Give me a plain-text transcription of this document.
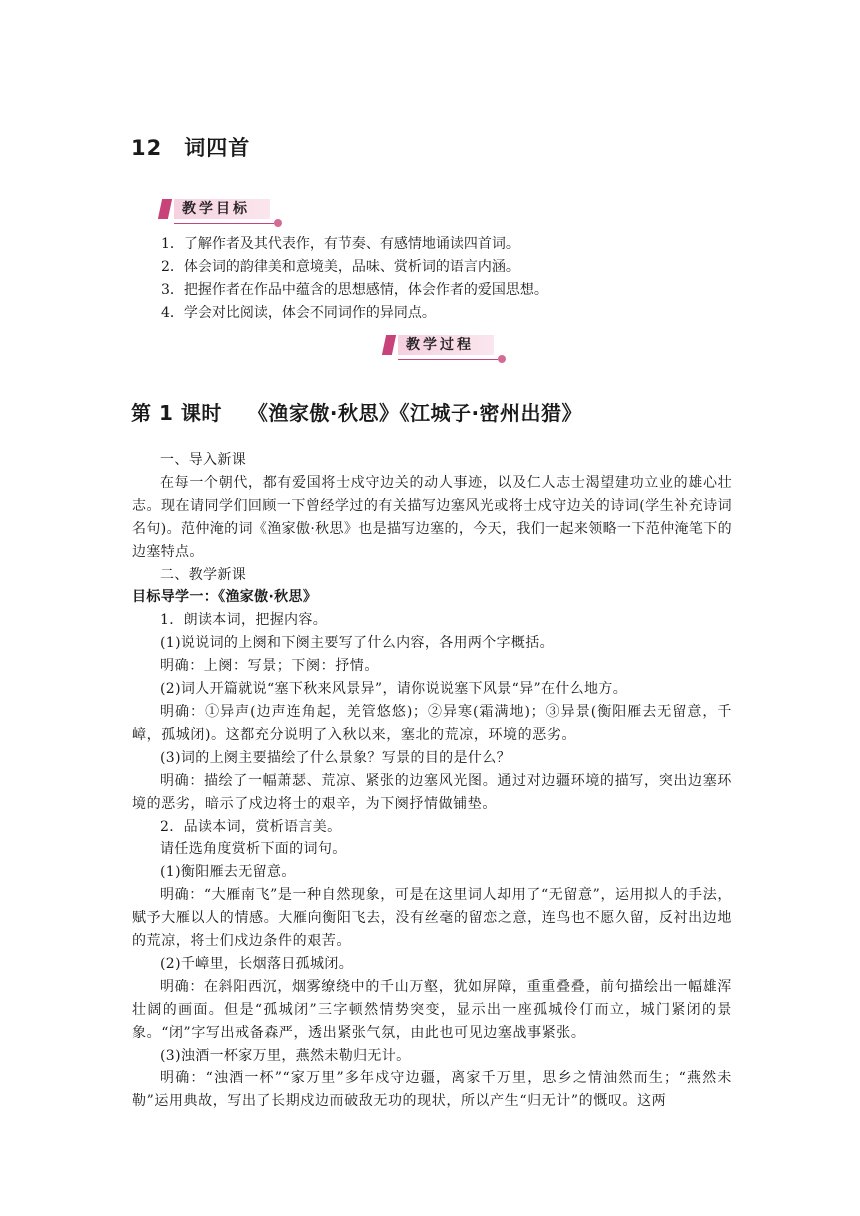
12 词四首
教学目标
1．了解作者及其代表作，有节奏、有感情地诵读四首词。
2．体会词的韵律美和意境美，品味、赏析词的语言内涵。
3．把握作者在作品中蕴含的思想感情，体会作者的爱国思想。
4．学会对比阅读，体会不同词作的异同点。
教学过程
第 1 课时 《渔家傲·秋思》《江城子·密州出猎》

一、导入新课

在每一个朝代，都有爱国将士戍守边关的动人事迹，以及仁人志士渴望建功立业的雄心壮志。现在请同学们回顾一下曾经学过的有关描写边塞风光或将士戍守边关的诗词(学生补充诗词名句)。范仲淹的词《渔家傲·秋思》也是描写边塞的，今天，我们一起来领略一下范仲淹笔下的边塞特点。

二、教学新课

目标导学一：《渔家傲·秋思》

1．朗读本词，把握内容。

(1)说说词的上阕和下阕主要写了什么内容，各用两个字概括。

明确：上阕：写景；下阕：抒情。

(2)词人开篇就说“塞下秋来风景异”，请你说说塞下风景“异”在什么地方。

明确：①异声(边声连角起，羌管悠悠)；②异寒(霜满地)；③异景(衡阳雁去无留意，千嶂，孤城闭)。这都充分说明了入秋以来，塞北的荒凉，环境的恶劣。

(3)词的上阕主要描绘了什么景象？写景的目的是什么？

明确：描绘了一幅萧瑟、荒凉、紧张的边塞风光图。通过对边疆环境的描写，突出边塞环境的恶劣，暗示了戍边将士的艰辛，为下阕抒情做铺垫。

2．品读本词，赏析语言美。

请任选角度赏析下面的词句。

(1)衡阳雁去无留意。

明确：“大雁南飞”是一种自然现象，可是在这里词人却用了“无留意”，运用拟人的手法，赋予大雁以人的情感。大雁向衡阳飞去，没有丝毫的留恋之意，连鸟也不愿久留，反衬出边地的荒凉，将士们戍边条件的艰苦。

(2)千嶂里，长烟落日孤城闭。

明确：在斜阳西沉，烟雾缭绕中的千山万壑，犹如屏障，重重叠叠，前句描绘出一幅雄浑壮阔的画面。但是“孤城闭”三字顿然情势突变，显示出一座孤城伶仃而立，城门紧闭的景象。“闭”字写出戒备森严，透出紧张气氛，由此也可见边塞战事紧张。

(3)浊酒一杯家万里，燕然未勒归无计。

明确：“浊酒一杯”“家万里”多年戍守边疆，离家千万里，思乡之情油然而生；“燕然未勒”运用典故，写出了长期戍边而破敌无功的现状，所以产生“归无计”的慨叹。这两
